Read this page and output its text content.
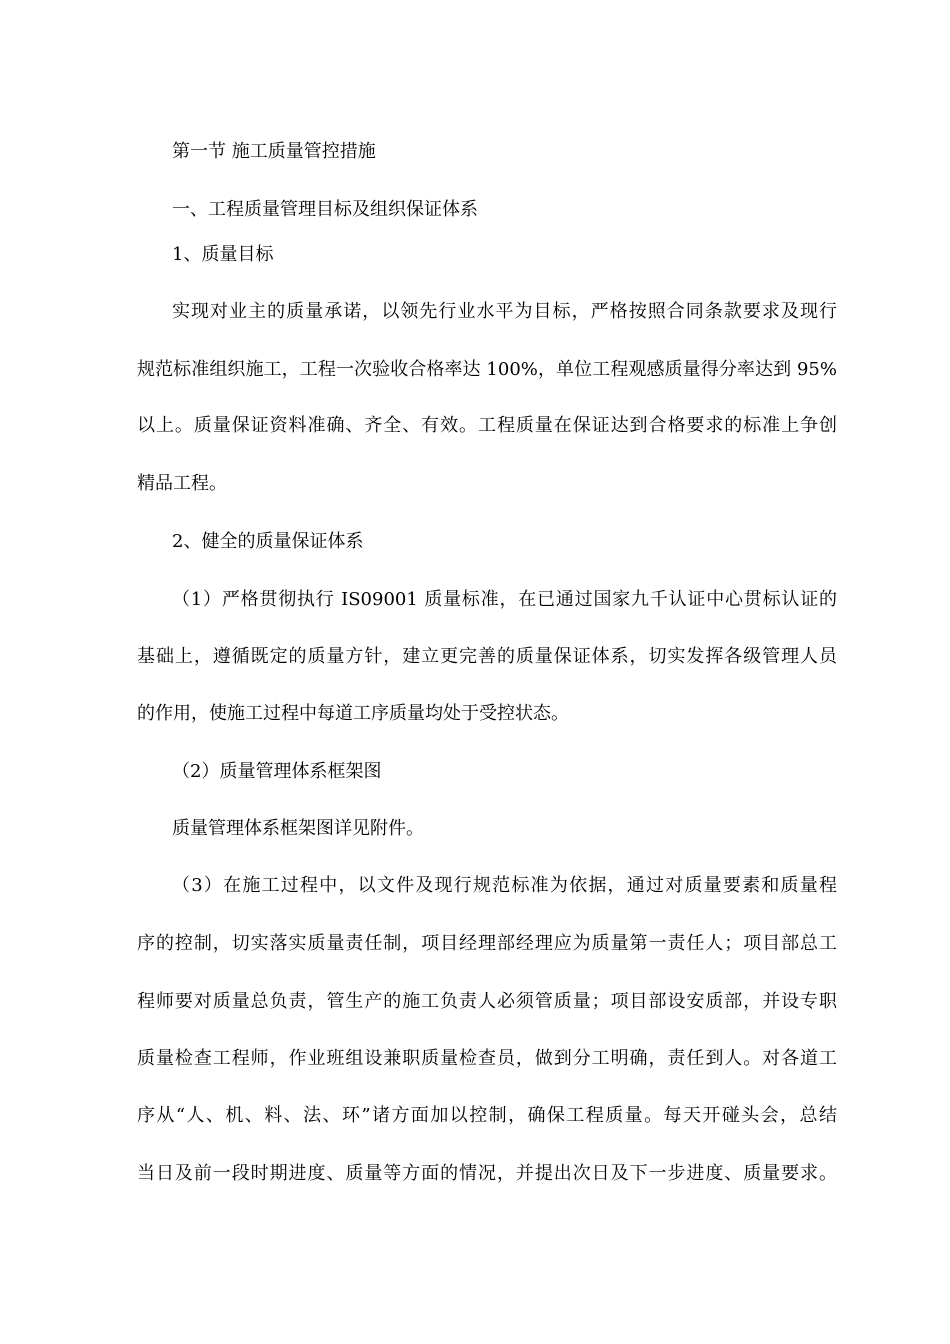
第一节 施工质量管控措施
一、工程质量管理目标及组织保证体系
1、质量目标
实现对业主的质量承诺，以领先行业水平为目标，严格按照合同条款要求及现行
规范标准组织施工，工程一次验收合格率达 100%，单位工程观感质量得分率达到 95%
以上。质量保证资料准确、齐全、有效。工程质量在保证达到合格要求的标准上争创
精品工程。
2、健全的质量保证体系
（1）严格贯彻执行 IS09001 质量标准，在已通过国家九千认证中心贯标认证的
基础上，遵循既定的质量方针，建立更完善的质量保证体系，切实发挥各级管理人员
的作用，使施工过程中每道工序质量均处于受控状态。
（2）质量管理体系框架图
质量管理体系框架图详见附件。
（3）在施工过程中，以文件及现行规范标准为依据，通过对质量要素和质量程
序的控制，切实落实质量责任制，项目经理部经理应为质量第一责任人；项目部总工
程师要对质量总负责，管生产的施工负责人必须管质量；项目部设安质部，并设专职
质量检查工程师，作业班组设兼职质量检查员，做到分工明确，责任到人。对各道工
序从“人、机、料、法、环”诸方面加以控制，确保工程质量。每天开碰头会，总结
当日及前一段时期进度、质量等方面的情况，并提出次日及下一步进度、质量要求。
